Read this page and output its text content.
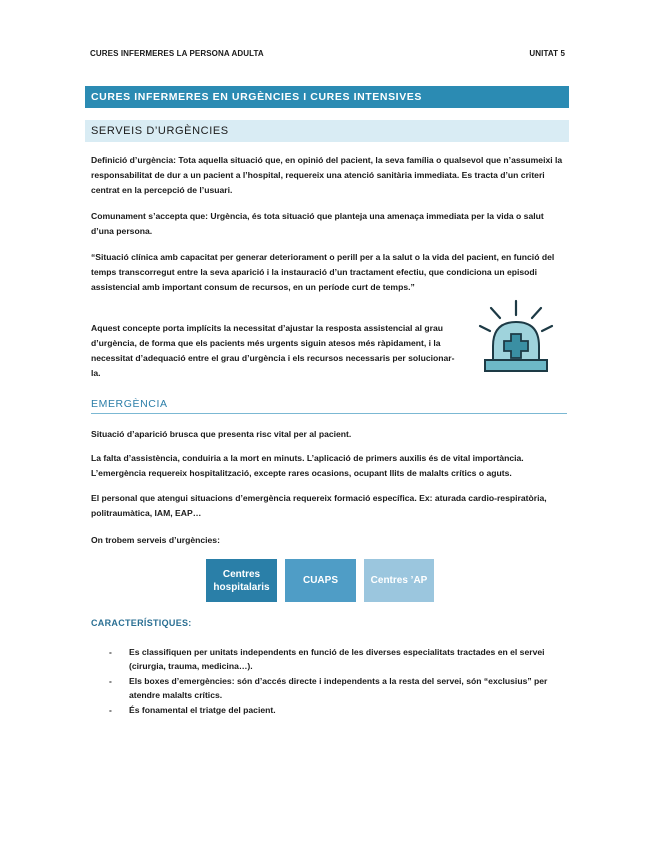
CURES INFERMERES LA PERSONA ADULTA	UNITAT 5
CURES INFERMERES EN URGÈNCIES I CURES INTENSIVES
SERVEIS D’URGÈNCIES
Definició d’urgència: Tota aquella situació que, en opinió del pacient, la seva família o qualsevol que n’assumeixi la responsabilitat de dur a un pacient a l’hospital, requereix una atenció sanitària immediata. Es tracta d’un criteri centrat en la percepció de l’usuari.
Comunament s’accepta que: Urgència, és tota situació que planteja una amenaça immediata per la vida o salut d’una persona.
“Situació clínica amb capacitat per generar deteriorament o perill per a la salut o la vida del pacient, en funció del temps transcorregut entre la seva aparició i la instauració d’un tractament efectiu, que condiciona un episodi assistencial amb important consum de recursos, en un període curt de temps.”
Aquest concepte porta implícits la necessitat d’ajustar la resposta assistencial al grau d’urgència, de forma que els pacients més urgents siguin atesos més ràpidament, i la necessitat d’adequació entre el grau d’urgència i els recursos necessaris per solucionar-la.
EMERGÈNCIA
Situació d’aparició brusca que presenta risc vital per al pacient.
La falta d’assistència, conduiria a la mort en minuts. L’aplicació de primers auxilis és de vital importància. L’emergència requereix hospitalització, excepte rares ocasions, ocupant llits de malalts crítics o aguts.
El personal que atengui situacions d’emergència requereix formació específica. Ex: aturada cardio-respiratòria, politraumàtica, IAM, EAP…
On trobem serveis d’urgències:
Centres hospitalaris
CUAPS	Centres ’AP
CARACTERÍSTIQUES:
- Es classifiquen per unitats independents en funció de les diverses especialitats tractades en el servei (cirurgia, trauma, medicina…).
- Els boxes d’emergències: són d’accés directe i independents a la resta del servei, són “exclusius” per atendre malalts crítics.
- És fonamental el triatge del pacient.
